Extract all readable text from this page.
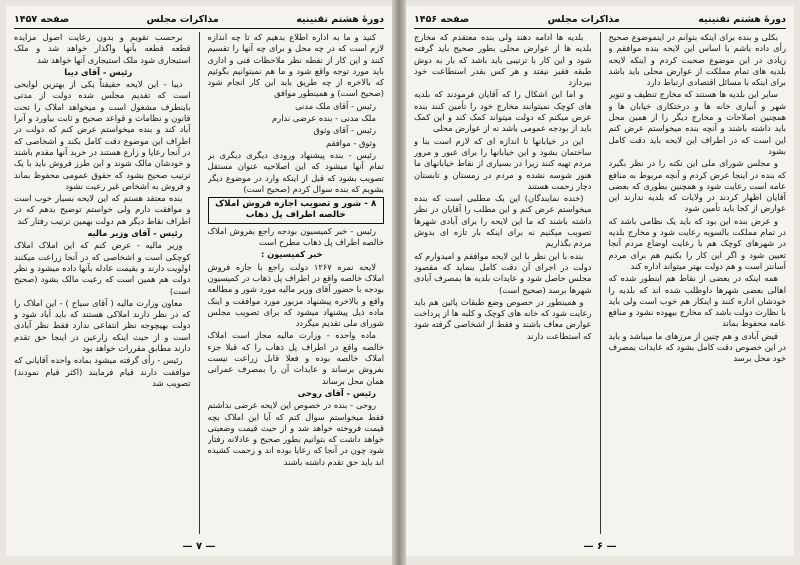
دورهٔ هشتم تقنینیه
مذاکرات مجلس
صفحه ۱۴۵۷

کنید و ما به اداره اطلاع بدهیم که تا چه اندازه لازم است که در چه محل و برای چه آنها را تقسیم کنند و این کار از نقطه نظر ملاحظات فنی و اداری باید مورد توجه واقع شود و ما هم نمیتوانیم بگوئیم که بالاخره از چه طریق باید این کار انجام شود (صحیح است) و همینطور موافق

رئیس - آقای ملک مدنی

ملک مدنی - بنده عرضی ندارم

رئیس - آقای وثوق

وثوق - موافقم

رئیس - بنده پیشنهاد ورودی دیگری دیگری بر تمام آنها میشود که این اصلاحیه عنوان مستقل تصویب بشود که قبل از اینکه وارد در موضوع دیگر بشویم که بنده سوال کردم (صحیح است)

۸ - شور و تصویب اجازه فروش املاک خالصه اطراف پل ذهاب

رئیس - خبر کمیسیون بودجه راجع بفروش املاک خالصه اطراف پل ذهاب مطرح است

خبر کمیسیون :

لایحه نمره ۱۲۶۷ دولت راجع با جازه فروش املاک خالصه واقع در اطراف پل ذهاب در کمیسیون بودجه با حضور آقای وزیر مالیه مورد شور و مطالعه واقع و بالاخره پیشنهاد مزبور مورد موافقت و اینک ماده ذیل پیشنهاد میشود که برای تصویب مجلس شورای ملی تقدیم میگردد

ماده واحده - وزارت مالیه مجاز است املاک خالصه واقع در اطراف پل ذهاب را که قبلا جزء املاک خالصه بوده و فعلا قابل زراعت نیست بفروش برساند و عایدات آن را بمصرف عمرانی همان محل برساند

رئیس - آقای روحی

روحی - بنده در خصوص این لایحه عرضی نداشتم فقط میخواستم سوال کنم که آیا این املاک بچه قیمت فروخته خواهد شد و از حیث قیمت وضعیتی خواهد داشت که بتوانیم بطور صحیح و عادلانه رفتار شود چون در آنجا که رعایا بوده اند و زحمت کشیده اند باید حق تقدم داشته باشند

برحسب تقویم و بدون رعایت اصول مزایده قطعه قطعه بآنها واگذار خواهد شد و ملک استیجاری شود ملک استیجاری آنها خواهد شد

رئیس - آقای دیبا

دیبا - این لایحه حقیقتاً یکی از بهترین لوایحی است که تقدیم مجلس شده دولت از مدتی باینطرف مشغول است و میخواهد املاک را تحت قانون و نظامات و قواعد صحیح و ثابت بیاورد و آنرا آباد کند و بنده میخواستم عرض کنم که دولت در اطراف این موضوع دقت کامل بکند و اشخاصی که در آنجا رعایا و زارع هستند در خرید آنها مقدم باشند و خودشان مالک شوند و این طرز فروش باید با یک ترتیب صحیح بشود که حقوق عمومی محفوظ بماند و فروش به اشخاص غیر رعیت نشود

بنده معتقد هستم که این لایحه بسیار خوب است و موافقت دارم ولی خواستم توضیح بدهم که در اطراف نقاط دیگر هم دولت بهمین ترتیب رفتار کند

رئیس - آقای وزیر مالیه

وزیر مالیه - عرض کنم که این املاک املاک کوچکی است و اشخاصی که در آنجا زراعت میکنند اولویت دارند و بقیمت عادله بآنها داده میشود و نظر دولت هم همین است که رعیت مالک بشود (صحیح است)

معاون وزارت مالیه ( آقای سیاح ) - این املاک را که در نظر دارند املاکی هستند که باید آباد شود و دولت بهیچوجه نظر انتفاعی ندارد فقط نظر آبادی است و از حیث اینکه زارعین در اینجا حق تقدم دارند مطابق مقررات خواهد بود

رئیس - رأی گرفته میشود بماده واحده آقایانی که موافقت دارند قیام فرمایند (اکثر قیام نمودند) تصویب شد

— ۷ —
دورهٔ هشتم تقنینیه
مذاکرات مجلس
صفحه ۱۴۵۶

بکلی و بنده برای اینکه بتوانم در اینموضوع صحیح رأی داده باشم با اساس این لایحه بنده موافقم و زیادی در این موضوع صحبت کردم و اینکه لایحه بلدیه های تمام مملکت از عوارض محلی باید باشد برای اینکه با مسائل اقتصادی ارتباط دارد

سایر این بلدیه ها هستند که مخارج تنظیف و تنویر شهر و آبیاری خانه ها و درختکاری خیابان ها و همچنین اصلاحات و مخارج دیگر را از همین محل باید داشته باشند و آنچه بنده میخواستم عرض کنم این است که در اطراف این لایحه باید دقت کامل بشود

و مجلس شورای ملی این نکته را در نظر بگیرد که بنده در اینجا عرض کردم و آنچه مربوط به منافع عامه است رعایت شود و همچنین بطوری که بعضی آقایان اظهار کردند در ولایات که بلدیه ندارند این عوارض از کجا باید تأمین شود

و عرض بنده این بود که باید یک نظامی باشد که در تمام مملکت بالسویه رعایت شود و مخارج بلدیه در شهرهای کوچک هم با رعایت اوضاع مردم آنجا تعیین شود و اگر این کار را بکنیم هم برای مردم آسانتر است و هم دولت بهتر میتواند اداره کند

همه اینکه در بعضی از نقاط هم اینطور شده که اهالی بعضی شهرها داوطلب شده اند که بلدیه را خودشان اداره کنند و اینکار هم خوب است ولی باید با نظارت دولت باشد که مخارج بیهوده نشود و منافع عامه محفوظ بماند

فیض آبادی و هم چنین از مرزهای ما میباشد و باید در این خصوص دقت کامل بشود که عایدات بمصرف خود محل برسد

بلدیه ها ادامه دهند ولی بنده معتقدم که مخارج بلدیه ها از عوارض محلی بطور صحیح باید گرفته شود و این کار با ترتیبی باید باشد که بار به دوش طبقه فقیر نیفتد و هر کس بقدر استطاعت خود بپردازد

و اما این اشکال را که آقایان فرمودند که بلدیه های کوچک نمیتوانند مخارج خود را تأمین کنند بنده عرض میکنم که دولت میتواند کمک کند و این کمک باید از بودجه عمومی باشد نه از عوارض محلی

این در خیابانها تا اندازه ای که لازم است بنا و ساختمان بشود و این خیابانها را برای عبور و مرور مردم تهیه کنند زیرا در بسیاری از نقاط خیابانهای ما هنوز شوسه نشده و مردم در زمستان و تابستان دچار زحمت هستند

(خنده نمایندگان) این یک مطلبی است که بنده میخواستم عرض کنم و این مطلب را آقایان در نظر داشته باشند که ما این لایحه را برای آبادی شهرها تصویب میکنیم نه برای اینکه بار تازه ای بدوش مردم بگذاریم

بنده با این نظر با این لایحه موافقم و امیدوارم که دولت در اجرای آن دقت کامل بنماید که مقصود مجلس حاصل شود و عایدات بلدیه ها بمصرف آبادی شهرها برسد (صحیح است)

و همینطور در خصوص وضع طبقات پائین هم باید رعایت شود که خانه های کوچک و کلبه ها از پرداخت عوارض معاف باشند و فقط از اشخاصی گرفته شود که استطاعت دارند

— ۶ —
